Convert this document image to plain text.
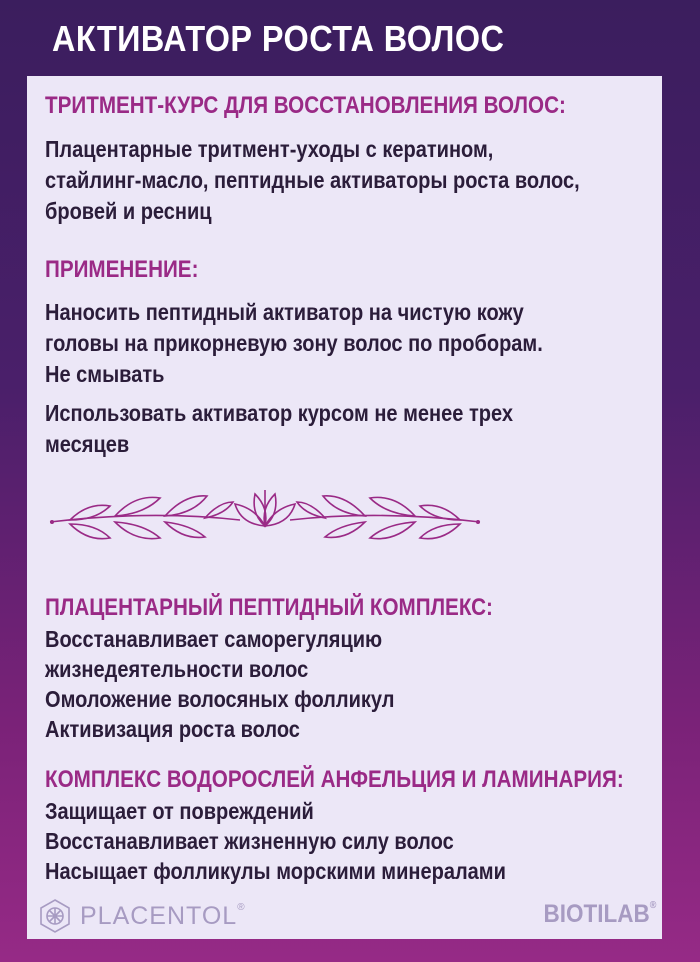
АКТИВАТОР РОСТА ВОЛОС
ТРИТМЕНТ-КУРС ДЛЯ ВОССТАНОВЛЕНИЯ ВОЛОС:

Плацентарные тритмент-уходы с кератином,
стайлинг-масло, пептидные активаторы роста волос,
бровей и ресниц

ПРИМЕНЕНИЕ:

Наносить пептидный активатор на чистую кожу
головы на прикорневую зону волос по проборам.
Не смывать

Использовать активатор курсом не менее трех
месяцев

ПЛАЦЕНТАРНЫЙ ПЕПТИДНЫЙ КОМПЛЕКС:
Восстанавливает саморегуляцию
жизнедеятельности волос
Омоложение волосяных фолликул
Активизация роста волос
КОМПЛЕКС ВОДОРОСЛЕЙ АНФЕЛЬЦИЯ И ЛАМИНАРИЯ:
Защищает от повреждений
Восстанавливает жизненную силу волос
Насыщает фолликулы морскими минералами
PLACENTOL®	BIOTILAB®
